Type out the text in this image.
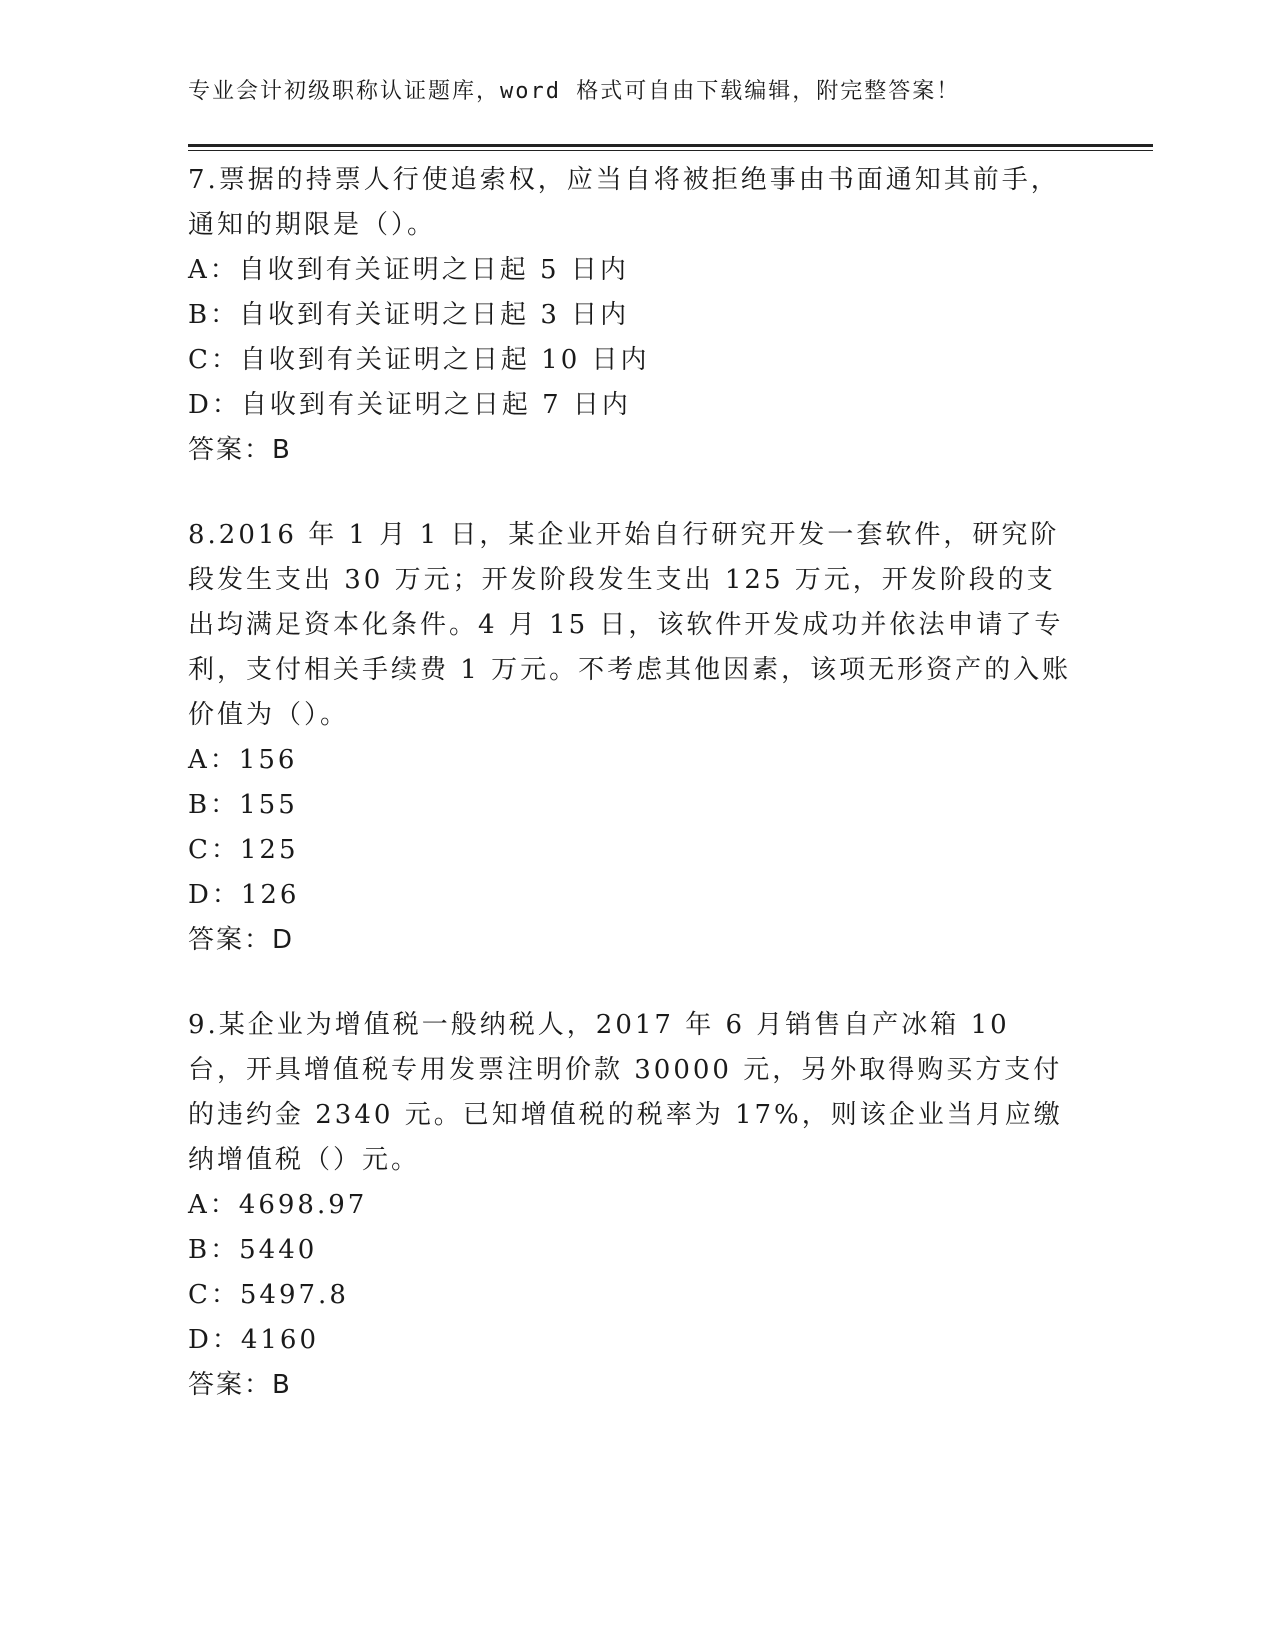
专业会计初级职称认证题库，word 格式可自由下载编辑，附完整答案！
7.票据的持票人行使追索权，应当自将被拒绝事由书面通知其前手，通知的期限是（）。
A：自收到有关证明之日起 5 日内
B：自收到有关证明之日起 3 日内
C：自收到有关证明之日起 10 日内
D：自收到有关证明之日起 7 日内
答案：B
8.2016 年 1 月 1 日，某企业开始自行研究开发一套软件，研究阶段发生支出 30 万元；开发阶段发生支出 125 万元，开发阶段的支出均满足资本化条件。4 月 15 日，该软件开发成功并依法申请了专利，支付相关手续费 1 万元。不考虑其他因素，该项无形资产的入账价值为（）。
A：156
B：155
C：125
D：126
答案：D
9.某企业为增值税一般纳税人，2017 年 6 月销售自产冰箱 10 台，开具增值税专用发票注明价款 30000 元，另外取得购买方支付的违约金 2340 元。已知增值税的税率为 17%，则该企业当月应缴纳增值税（）元。
A：4698.97
B：5440
C：5497.8
D：4160
答案：B
